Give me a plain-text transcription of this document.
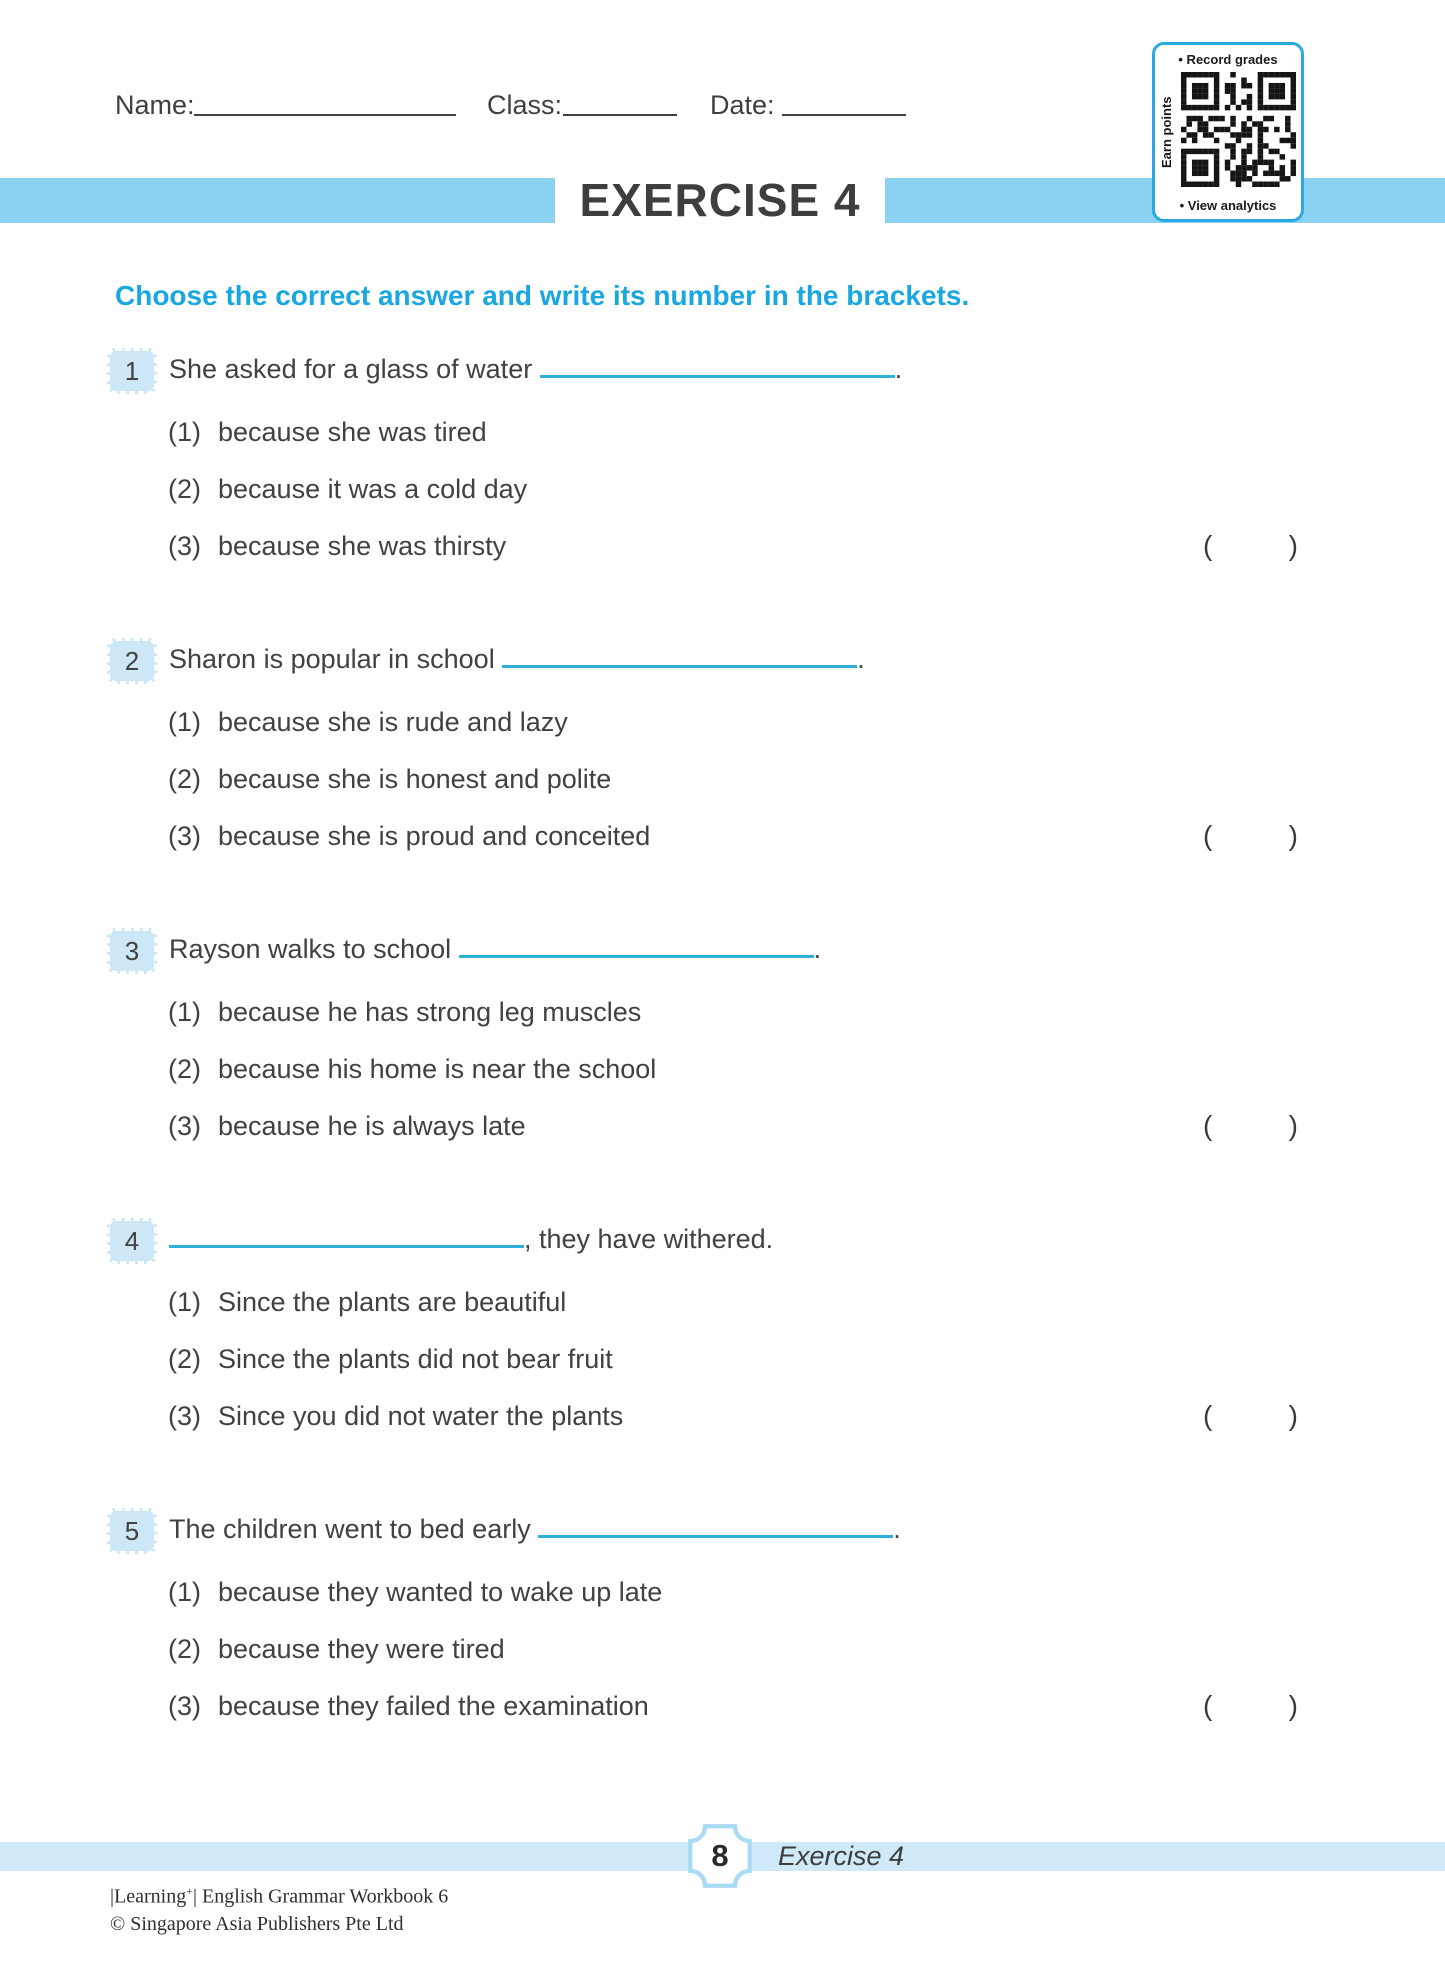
Name:	Class:	Date:
• Record grades
Earn points
• View analytics
EXERCISE 4
Choose the correct answer and write its number in the brackets.
1 She asked for a glass of water	.
(1) because she was tired
(2) because it was a cold day
(3) because she was thirsty	(	)
2 Sharon is popular in school	.
(1) because she is rude and lazy
(2) because she is honest and polite
(3) because she is proud and conceited	(	)
3 Rayson walks to school	.
(1) because he has strong leg muscles
(2) because his home is near the school
(3) because he is always late	(	)
4	, they have withered.
(1) Since the plants are beautiful
(2) Since the plants did not bear fruit
(3) Since you did not water the plants	(	)
5 The children went to bed early	.
(1) because they wanted to wake up late
(2) because they were tired
(3) because they failed the examination	(	)
8	Exercise 4
|Learning+| English Grammar Workbook 6
© Singapore Asia Publishers Pte Ltd
